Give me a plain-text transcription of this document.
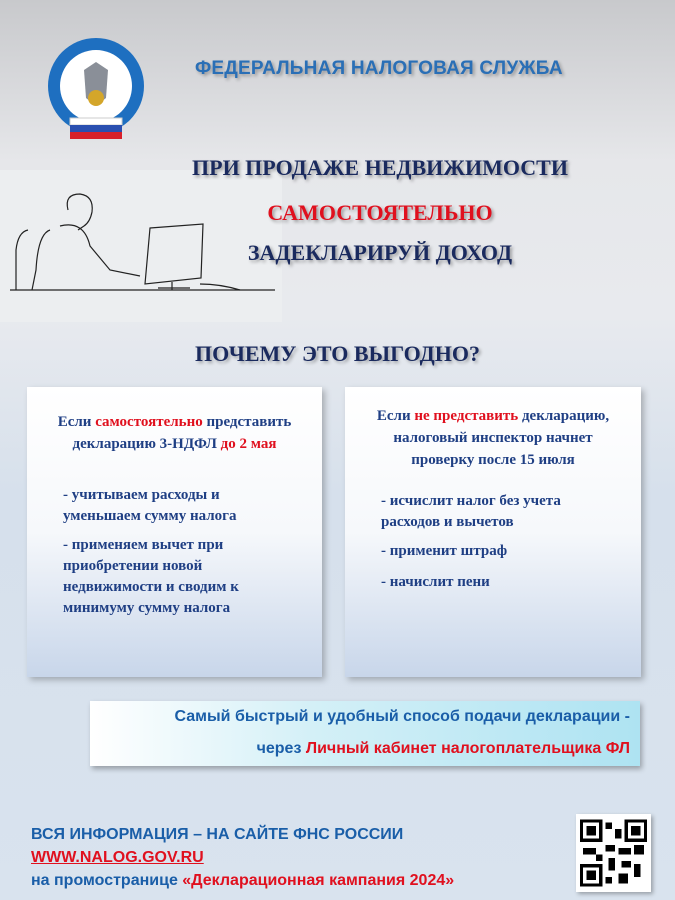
ФЕДЕРАЛЬНАЯ НАЛОГОВАЯ СЛУЖБА
ПРИ ПРОДАЖЕ НЕДВИЖИМОСТИ
САМОСТОЯТЕЛЬНО
ЗАДЕКЛАРИРУЙ ДОХОД
ПОЧЕМУ ЭТО ВЫГОДНО?
Если самостоятельно представить
декларацию 3-НДФЛ до 2 мая
- учитываем расходы и уменьшаем сумму налога
- применяем вычет при приобретении новой недвижимости и сводим к минимуму сумму налога
Если не представить декларацию, налоговый инспектор начнет проверку после 15 июля
- исчислит налог без учета расходов и вычетов
- применит штраф
- начислит пени
Самый быстрый и удобный способ подачи декларации -
через Личный кабинет налогоплательщика ФЛ
ВСЯ ИНФОРМАЦИЯ – НА САЙТЕ ФНС РОССИИ
WWW.NALOG.GOV.RU
на промостранице «Декларационная кампания 2024»
